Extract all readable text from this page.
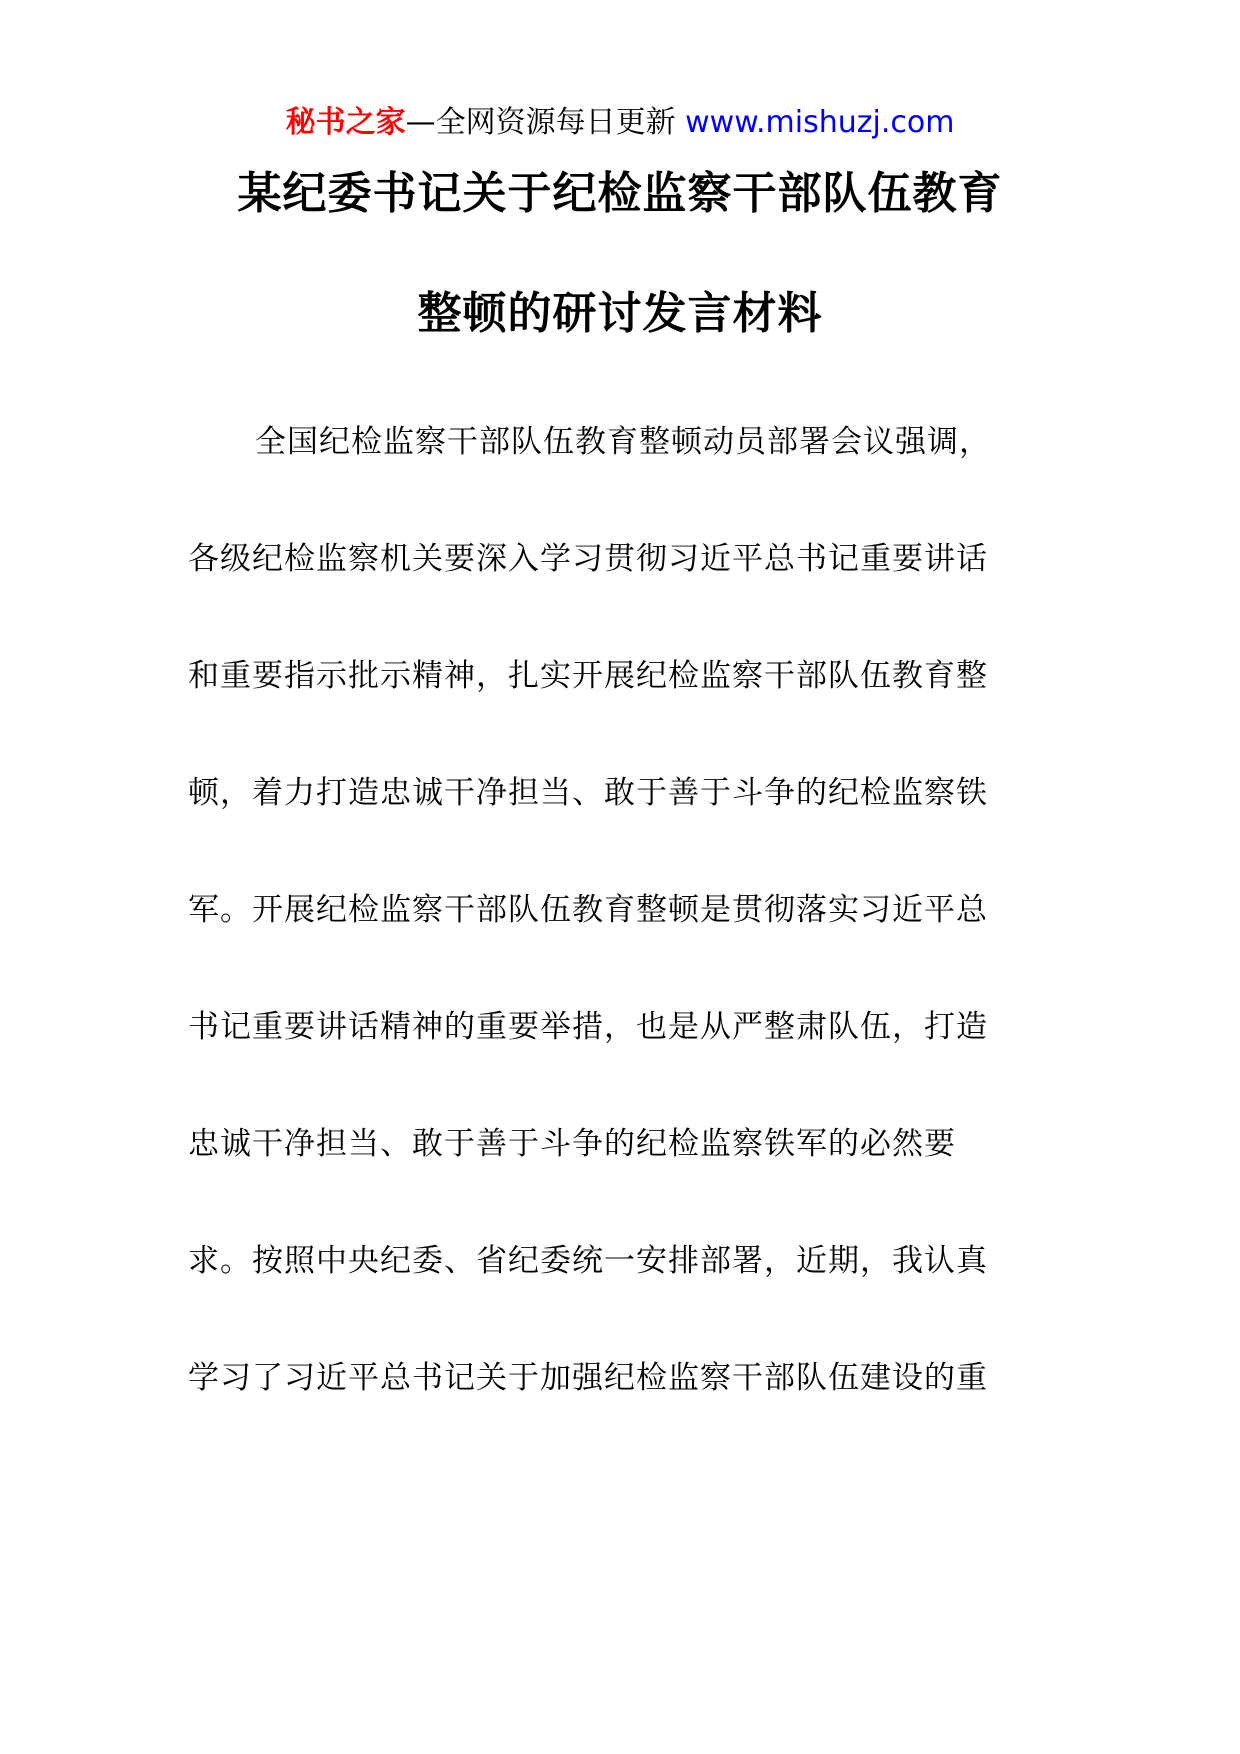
秘书之家—全网资源每日更新 www.mishuzj.com
某纪委书记关于纪检监察干部队伍教育
整顿的研讨发言材料
全国纪检监察干部队伍教育整顿动员部署会议强调，
各级纪检监察机关要深入学习贯彻习近平总书记重要讲话
和重要指示批示精神，扎实开展纪检监察干部队伍教育整
顿，着力打造忠诚干净担当、敢于善于斗争的纪检监察铁
军。开展纪检监察干部队伍教育整顿是贯彻落实习近平总
书记重要讲话精神的重要举措，也是从严整肃队伍，打造
忠诚干净担当、敢于善于斗争的纪检监察铁军的必然要
求。按照中央纪委、省纪委统一安排部署，近期，我认真
学习了习近平总书记关于加强纪检监察干部队伍建设的重
